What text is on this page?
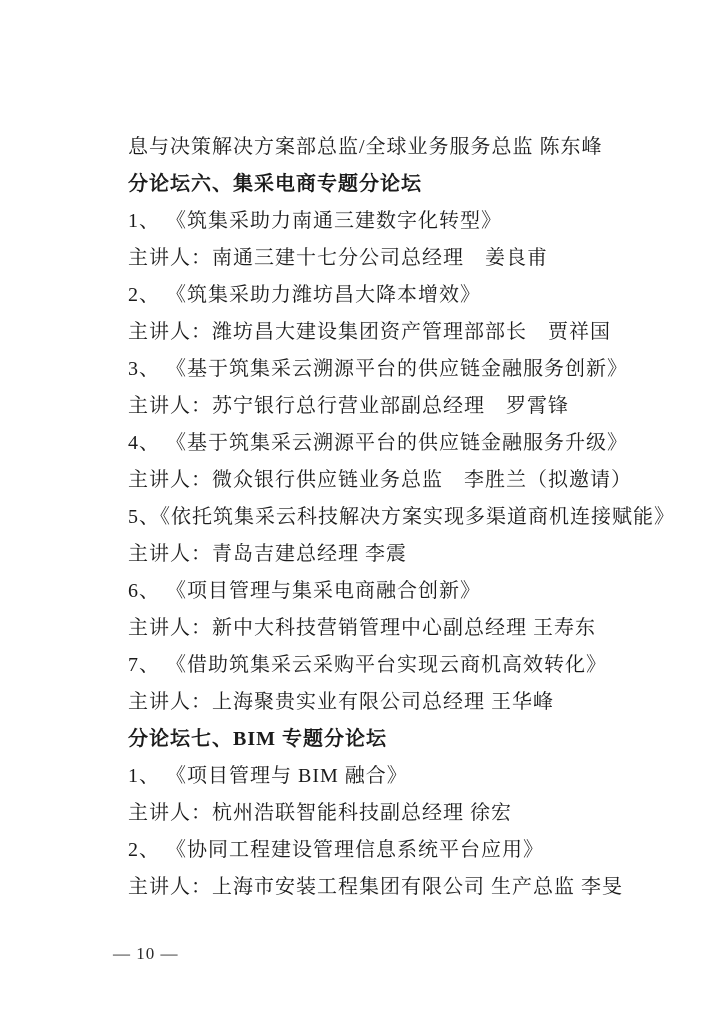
息与决策解决方案部总监/全球业务服务总监 陈东峰

分论坛六、集采电商专题分论坛

1、 《筑集采助力南通三建数字化转型》

主讲人：南通三建十七分公司总经理　姜良甫

2、 《筑集采助力潍坊昌大降本增效》

主讲人：潍坊昌大建设集团资产管理部部长　贾祥国

3、 《基于筑集采云溯源平台的供应链金融服务创新》

主讲人：苏宁银行总行营业部副总经理　罗霄锋

4、 《基于筑集采云溯源平台的供应链金融服务升级》

主讲人：微众银行供应链业务总监　李胜兰（拟邀请）

5、《依托筑集采云科技解决方案实现多渠道商机连接赋能》

主讲人：青岛吉建总经理 李震

6、 《项目管理与集采电商融合创新》

主讲人：新中大科技营销管理中心副总经理 王寿东

7、 《借助筑集采云采购平台实现云商机高效转化》

主讲人：上海聚贵实业有限公司总经理 王华峰

分论坛七、BIM 专题分论坛

1、 《项目管理与 BIM 融合》

主讲人：杭州浩联智能科技副总经理 徐宏

2、 《协同工程建设管理信息系统平台应用》

主讲人：上海市安装工程集团有限公司 生产总监 李旻

— 10 —
